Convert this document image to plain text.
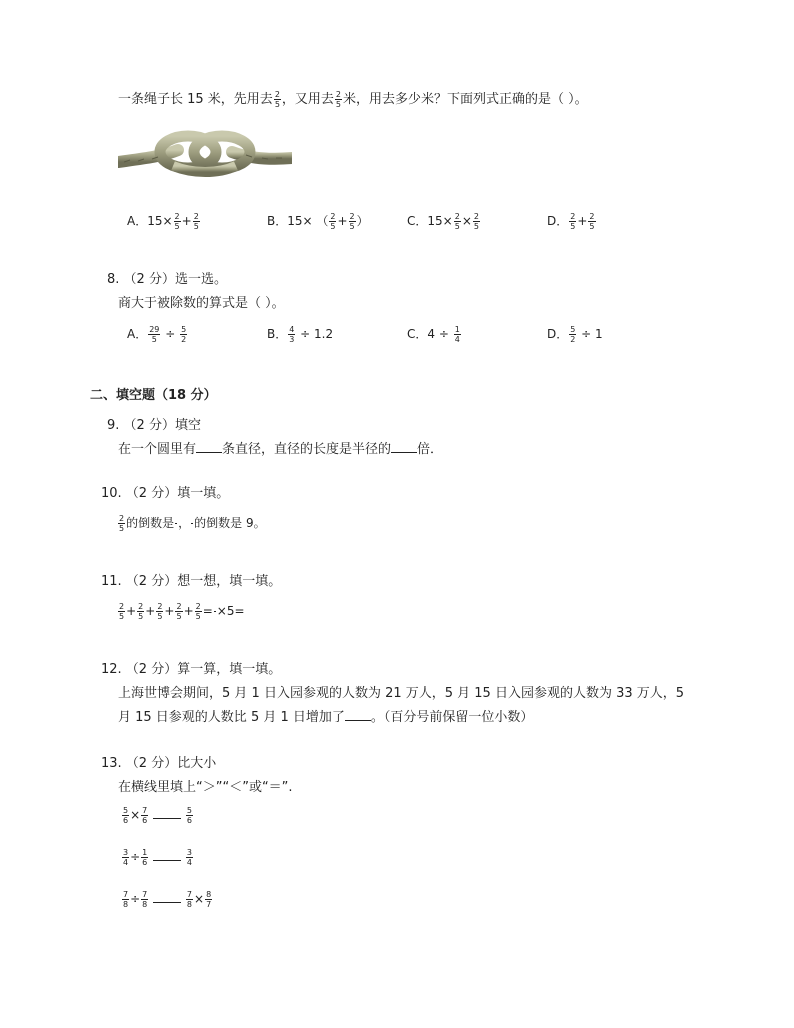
一条绳子长 15 米，先用去 $\frac{2}{5}$ ，又用去 $\frac{2}{5}$ 米，用去多少米？下面列式正确的是（ ）。
A．$15\times \frac{2}{5} + \frac{2}{5}$	B．15× （ $\frac{2}{5} + \frac{2}{5}$ ）	C．$15\times \frac{2}{5} \times \frac{2}{5}$	D． $\frac{2}{5} + \frac{2}{5}$
8. （2 分）选一选。
商大于被除数的算式是（ ）。
A． $\frac{29}{5} \div \frac{5}{2}$	B． $\frac{4}{3} \div 1.2$	C．$4 \div \frac{1}{4}$	D． $\frac{5}{2} \div 1$
二、填空题（18 分）
9. （2 分）填空
在一个圆里有 条直径，直径的长度是半径的 倍．
10. （2 分）填一填。
$\frac{2}{5}$ 的倒数是 ， 的倒数是 9。
11. （2 分）想一想，填一填。
$\frac{2}{5} + \frac{2}{5} + \frac{2}{5} + \frac{2}{5} + \frac{2}{5} = \times 5=$
12. （2 分）算一算，填一填。
上海世博会期间，5 月 1 日入园参观的人数为 21 万人，5 月 15 日入园参观的人数为 33 万人，5
月 15 日参观的人数比 5 月 1 日增加了 。（百分号前保留一位小数）
13. （2 分）比大小
在横线里填上“＞”“＜”或“＝”.
$\frac{5}{6} \times \frac{7}{6}$
	$\frac{5}{6}$
$\frac{3}{4} \div \frac{1}{6}$
	$\frac{3}{4}$
$\frac{7}{8} \div \frac{7}{8}$
	$\frac{7}{8} \times \frac{8}{7}$
